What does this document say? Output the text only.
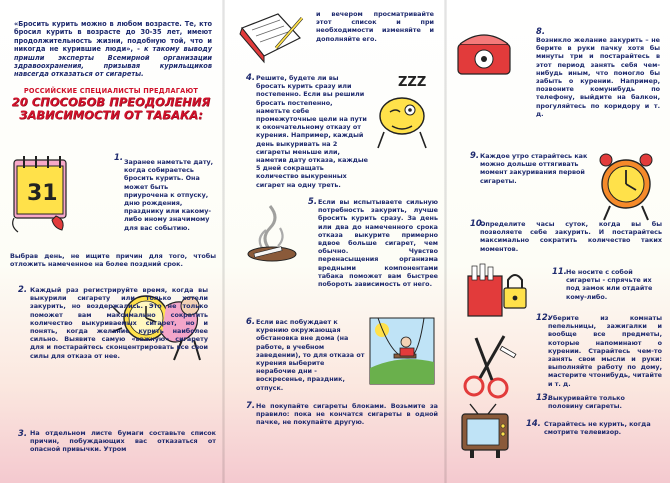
«Бросить курить можно в любом возрасте. Те, кто бросил курить в возрасте до 30-35 лет, имеют продолжительность жизни, подобную той, что и никогда не курившие люди», - к такому выводу пришли эксперты Всемирной организации здравоохранения, призывая курильщиков навсегда отказаться от сигареты.

РОССИЙСКИЕ СПЕЦИАЛИСТЫ ПРЕДЛАГАЮТ
20 СПОСОБОВ ПРЕОДОЛЕНИЯ
ЗАВИСИМОСТИ ОТ ТАБАКА:
31
1. Заранее наметьте дату, когда собираетесь бросить курить. Она может быть приурочена к отпуску, дню рождения, празднику или какому-либо иному значимому для вас событию.
Выбрав день, не ищите причин для того, чтобы отложить намеченное на более поздний срок.
2. Каждый раз регистрируйте время, когда вы выкурили сигарету или только хотели закурить, но воздержались. Это не только поможет вам максимально сократить количество выкуриваемых сигарет, но и понять, когда желание курить наиболее сильно. Выявите самую «важную» сигарету для и постарайтесь сконцентрировать все свои силы для отказа от нее.
3. На отдельном листе бумаги составьте список причин, побуждающих вас отказаться от опасной привычки. Утром
и вечером просматривайте этот список и при необходимости изменяйте и дополняйте его.
4. Решите, будете ли вы бросать курить сразу или постепенно. Если вы решили бросать постепенно, наметьте себе промежуточные цели на пути к окончательному отказу от курения. Например, каждый день выкуривать на 2 сигареты меньше или, наметив дату отказа, каждые 5 дней сокращать количество выкуренных сигарет на одну треть.
ZZZ
5. Если вы испытываете сильную потребность закурить, лучше бросить курить сразу. За день или два до намеченного срока отказа выкурите примерно вдвое больше сигарет, чем обычно. Чувство перенасыщения организма вредными компонентами табака поможет вам быстрее побороть зависимость от него.
6. Если вас побуждает к курению окружающая обстановка вне дома (на работе, в учебном заведении), то для отказа от курения выберите нерабочие дни - воскресенье, праздник, отпуск.
7. Не покупайте сигареты блоками. Возьмите за правило: пока не кончатся сигареты в одной пачке, не покупайте другую.
8.
Возникло желание закурить – не берите в руки пачку хотя бы минуты три и постарайтесь в этот период занять себя чем-нибудь иным, что помогло бы забыть о курении. Например, позвоните комунибудь по телефону, выйдите на балкон, прогуляйтесь по коридору и т. д.
9. Каждое утро старайтесь как можно дольше оттягивать момент закуривания первой сигареты.
10.
Определите часы суток, когда вы бы позволяете себе закурить. И постарайтесь максимально сократить количество таких моментов.
11. Не носите с собой сигареты - спрячьте их под замок или отдайте кому-либо.
12.
Уберите из комнаты пепельницы, зажигалки и вообще все предметы, которые напоминают о курении. Старайтесь чем-то занять свои мысли и руки: выполняйте работу по дому, мастерите чтонибудь, читайте и т. д.
13.
Выкуривайте только половину сигареты.
14. Старайтесь не курить, когда смотрите телевизор.
